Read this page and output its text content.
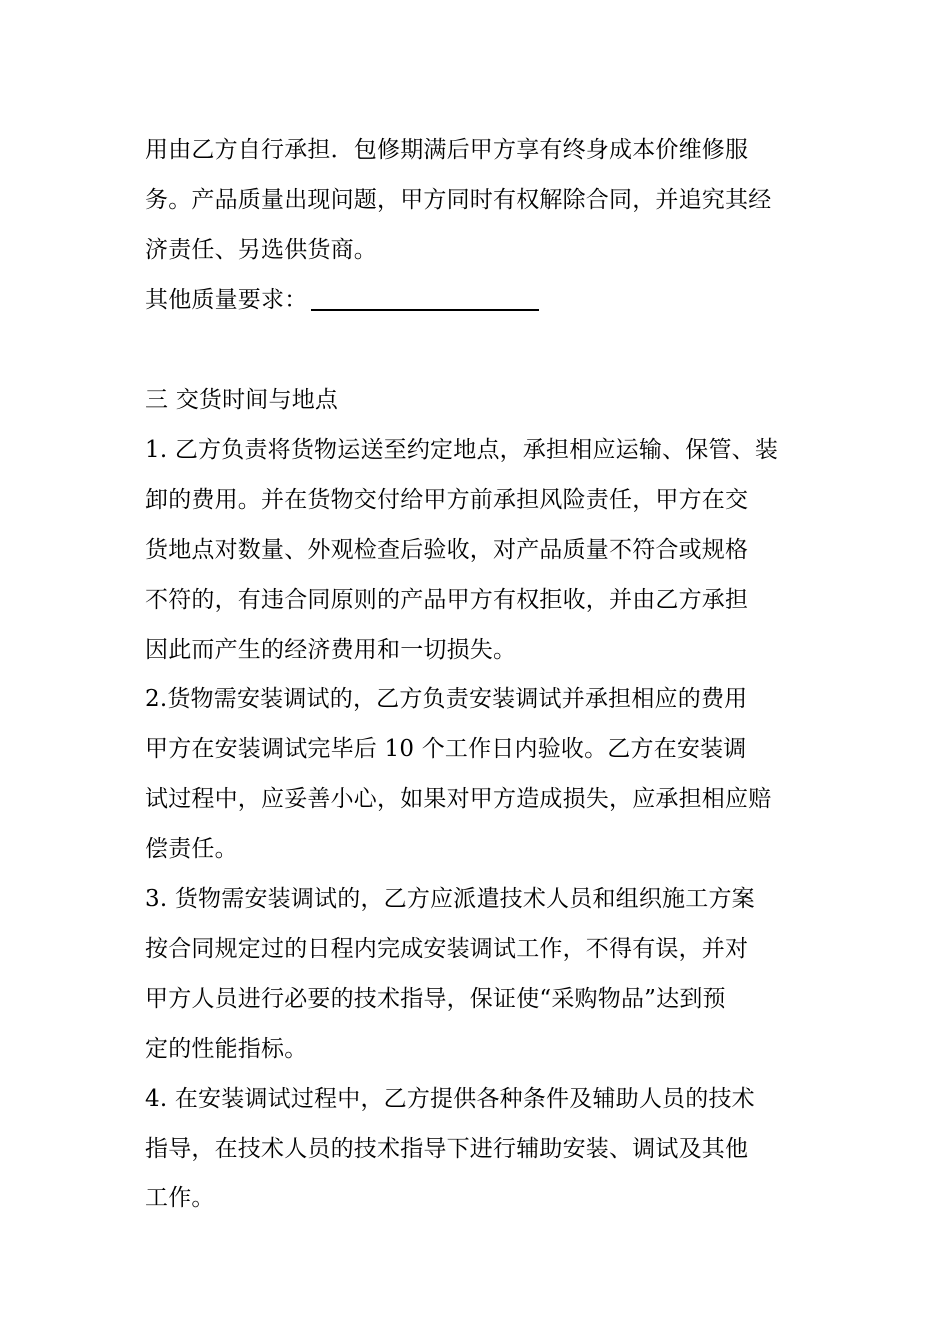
用由乙方自行承担．包修期满后甲方享有终身成本价维修服
务。产品质量出现问题，甲方同时有权解除合同，并追究其经
济责任、另选供货商。
其他质量要求：
三 交货时间与地点
1. 乙方负责将货物运送至约定地点，承担相应运输、保管、装
卸的费用。并在货物交付给甲方前承担风险责任，甲方在交
货地点对数量、外观检查后验收，对产品质量不符合或规格
不符的，有违合同原则的产品甲方有权拒收，并由乙方承担
因此而产生的经济费用和一切损失。
2.货物需安装调试的，乙方负责安装调试并承担相应的费用
甲方在安装调试完毕后 10 个工作日内验收。乙方在安装调
试过程中，应妥善小心，如果对甲方造成损失，应承担相应赔
偿责任。
3. 货物需安装调试的，乙方应派遣技术人员和组织施工方案
按合同规定过的日程内完成安装调试工作，不得有误，并对
甲方人员进行必要的技术指导，保证使“采购物品”达到预
定的性能指标。
4. 在安装调试过程中，乙方提供各种条件及辅助人员的技术
指导，在技术人员的技术指导下进行辅助安装、调试及其他
工作。
